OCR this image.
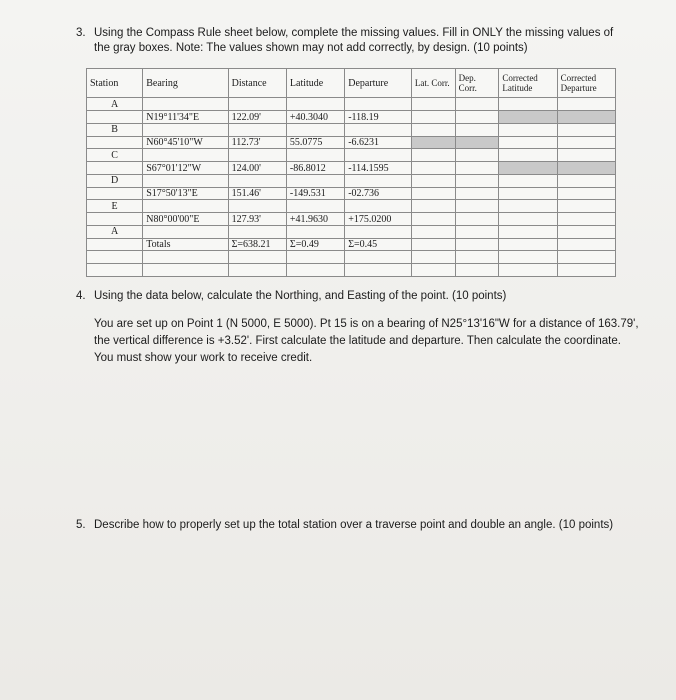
3. Using the Compass Rule sheet below, complete the missing values. Fill in ONLY the missing values of the gray boxes. Note: The values shown may not add correctly, by design. (10 points)
Station	Bearing	Distance	Latitude	Departure	Lat. Corr.	Dep. Corr.	Corrected Latitude	Corrected Departure
A								
	N19°11'34"E	122.09'	+40.3040	-118.19				
B								
	N60°45'10"W	112.73'	55.0775	-6.6231				
C								
	S67°01'12"W	124.00'	-86.8012	-114.1595				
D								
	S17°50'13"E	151.46'	-149.531	-02.736				
E								
	N80°00'00"E	127.93'	+41.9630	+175.0200				
A								
	Totals	Σ=638.21	Σ=0.49	Σ=0.45				

4. Using the data below, calculate the Northing, and Easting of the point. (10 points)
You are set up on Point 1 (N 5000, E 5000). Pt 15 is on a bearing of N25°13'16"W for a distance of 163.79', the vertical difference is +3.52'. First calculate the latitude and departure. Then calculate the coordinate. You must show your work to receive credit.
5. Describe how to properly set up the total station over a traverse point and double an angle. (10 points)
